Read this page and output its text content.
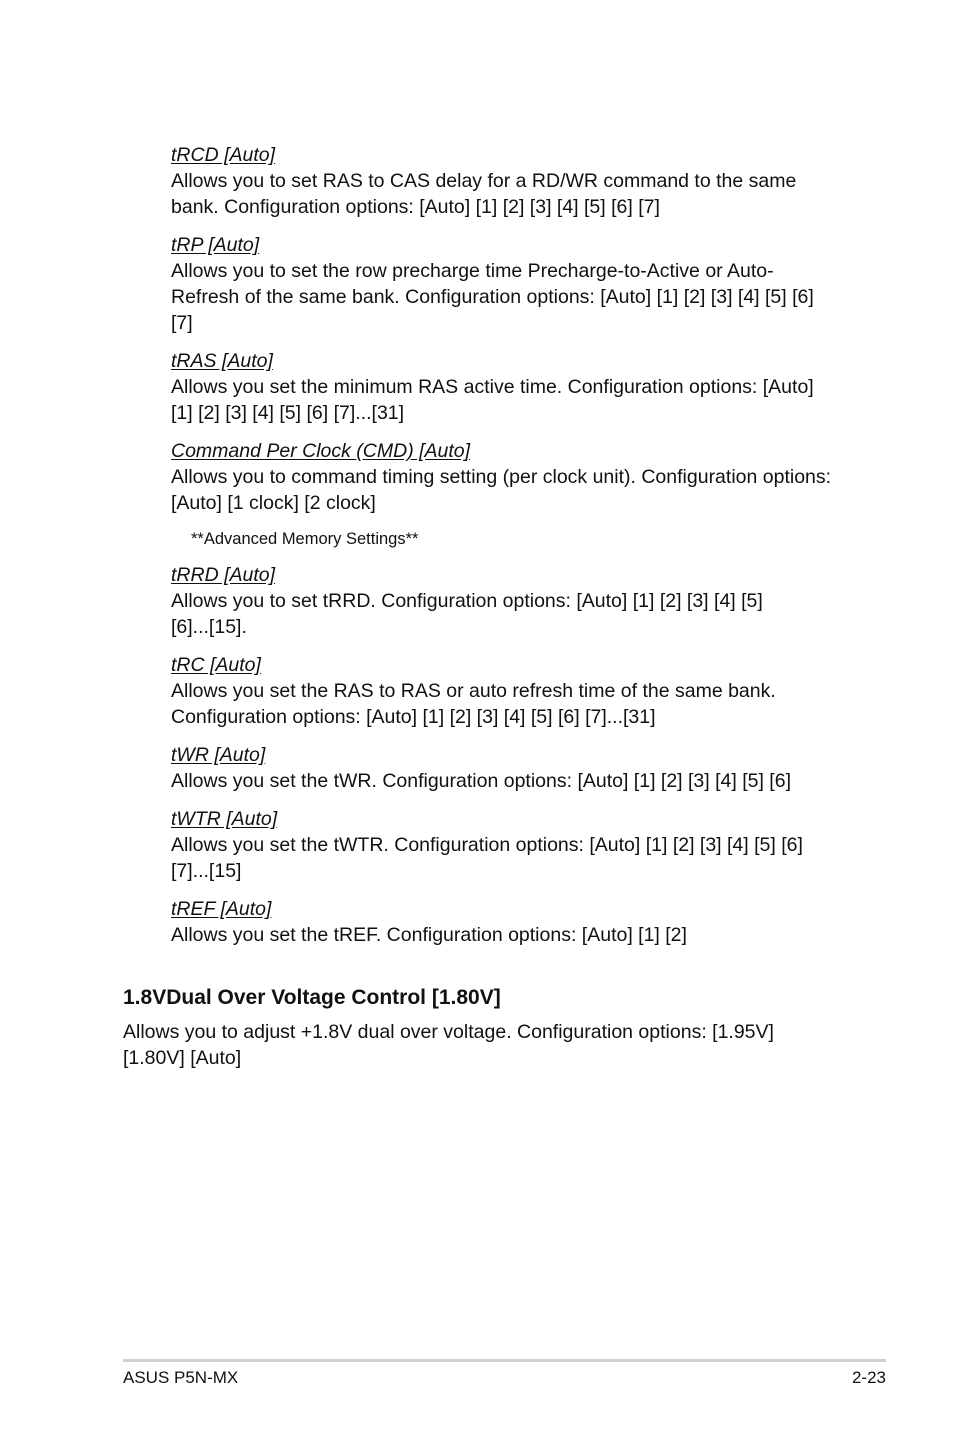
tRCD [Auto]
Allows you to set RAS to CAS delay for a RD/WR command to the same bank. Configuration options: [Auto] [1] [2] [3] [4] [5] [6] [7]
tRP [Auto]
Allows you to set the row precharge time Precharge-to-Active or Auto-Refresh of the same bank. Configuration options: [Auto] [1] [2] [3] [4] [5] [6] [7]
tRAS [Auto]
Allows you set the minimum RAS active time. Configuration options: [Auto] [1] [2] [3] [4] [5] [6] [7]...[31]
Command Per Clock (CMD) [Auto]
Allows you to command timing setting (per clock unit). Configuration options: [Auto] [1 clock] [2 clock]
**Advanced Memory Settings**
tRRD [Auto]
Allows you to set tRRD. Configuration options: [Auto] [1] [2] [3] [4] [5] [6]...[15].
tRC [Auto]
Allows you set the RAS to RAS or auto refresh time of the same bank. Configuration options: [Auto] [1] [2] [3] [4] [5] [6] [7]...[31]
tWR [Auto]
Allows you set the tWR. Configuration options: [Auto] [1] [2] [3] [4] [5] [6]
tWTR [Auto]
Allows you set the tWTR. Configuration options: [Auto] [1] [2] [3] [4] [5] [6] [7]...[15]
tREF [Auto]
Allows you set the tREF. Configuration options: [Auto] [1] [2]
1.8VDual Over Voltage Control [1.80V]
Allows you to adjust +1.8V dual over voltage. Configuration options: [1.95V] [1.80V] [Auto]
ASUS P5N-MX	2-23
